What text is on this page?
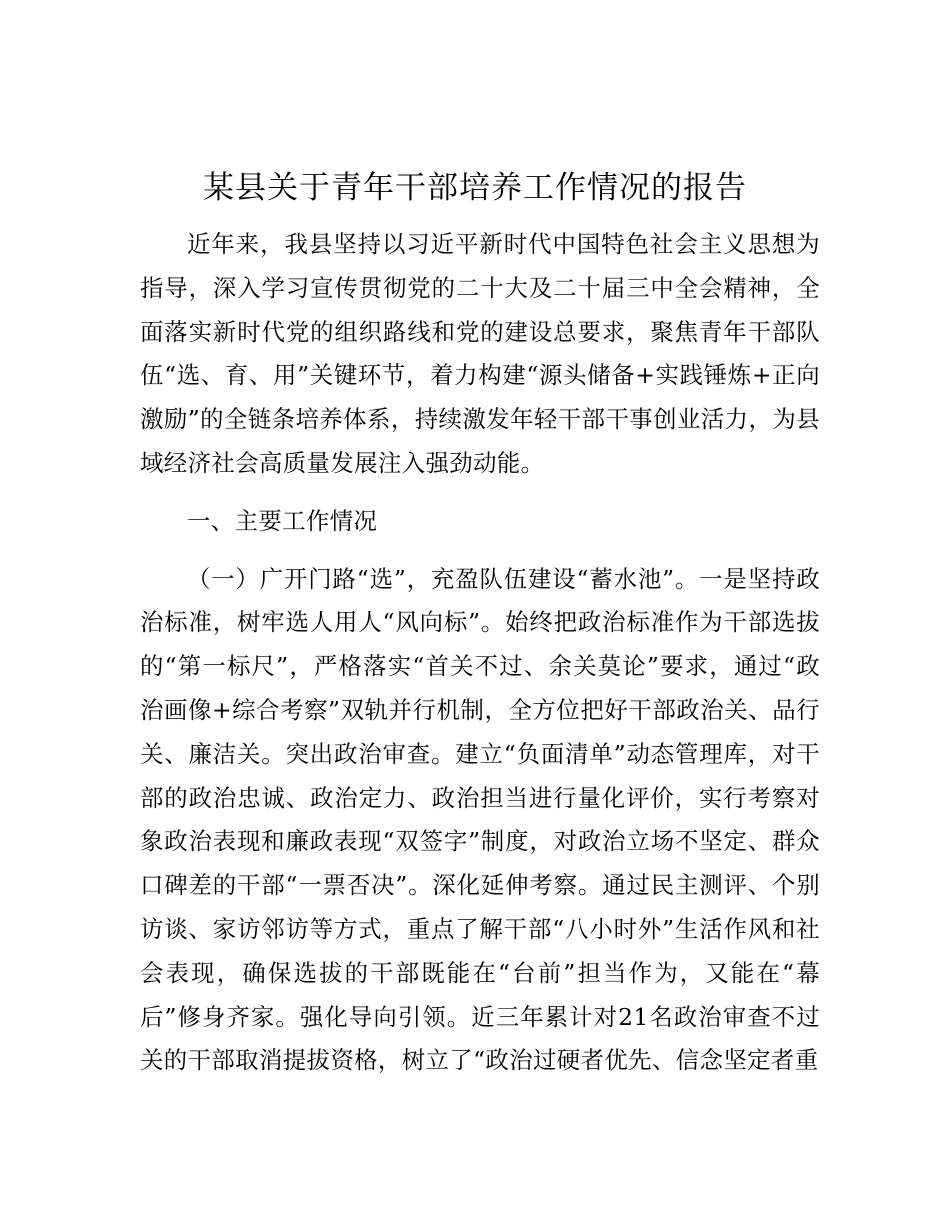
某县关于青年干部培养工作情况的报告

近年来，我县坚持以习近平新时代中国特色社会主义思想为指导，深入学习宣传贯彻党的二十大及二十届三中全会精神，全面落实新时代党的组织路线和党的建设总要求，聚焦青年干部队伍“选、育、用”关键环节，着力构建“源头储备+实践锤炼+正向激励”的全链条培养体系，持续激发年轻干部干事创业活力，为县域经济社会高质量发展注入强劲动能。

一、主要工作情况

（一）广开门路“选”，充盈队伍建设“蓄水池”。一是坚持政治标准，树牢选人用人“风向标”。始终把政治标准作为干部选拔的“第一标尺”，严格落实“首关不过、余关莫论”要求，通过“政治画像+综合考察”双轨并行机制，全方位把好干部政治关、品行关、廉洁关。突出政治审查。建立“负面清单”动态管理库，对干部的政治忠诚、政治定力、政治担当进行量化评价，实行考察对象政治表现和廉政表现“双签字”制度，对政治立场不坚定、群众口碑差的干部“一票否决”。深化延伸考察。通过民主测评、个别访谈、家访邻访等方式，重点了解干部“八小时外”生活作风和社会表现，确保选拔的干部既能在“台前”担当作为，又能在“幕后”修身齐家。强化导向引领。近三年累计对21名政治审查不过关的干部取消提拔资格，树立了“政治过硬者优先、信念坚定者重
